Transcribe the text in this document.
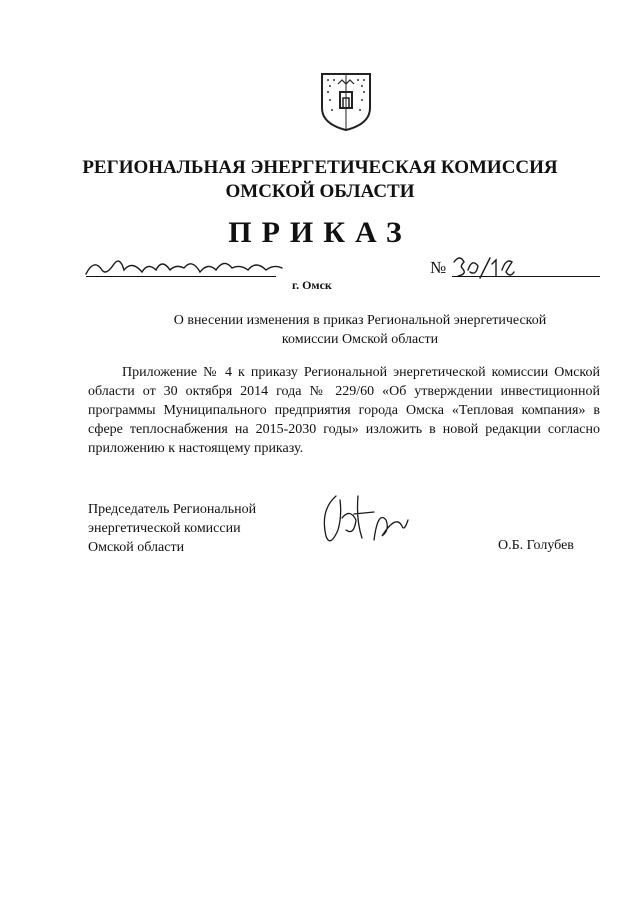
РЕГИОНАЛЬНАЯ ЭНЕРГЕТИЧЕСКАЯ КОМИССИЯ
ОМСКОЙ ОБЛАСТИ
ПРИКАЗ
г. Омск
№
О внесении изменения в приказ Региональной энергетической
комиссии Омской области
Приложение № 4 к приказу Региональной энергетической комиссии Омской области от 30 октября 2014 года № 229/60 «Об утверждении инвестиционной программы Муниципального предприятия города Омска «Тепловая компания» в сфере теплоснабжения на 2015-2030 годы» изложить в новой редакции согласно приложению к настоящему приказу.
Председатель Региональной
энергетической комиссии
Омской области	О.Б. Голубев
